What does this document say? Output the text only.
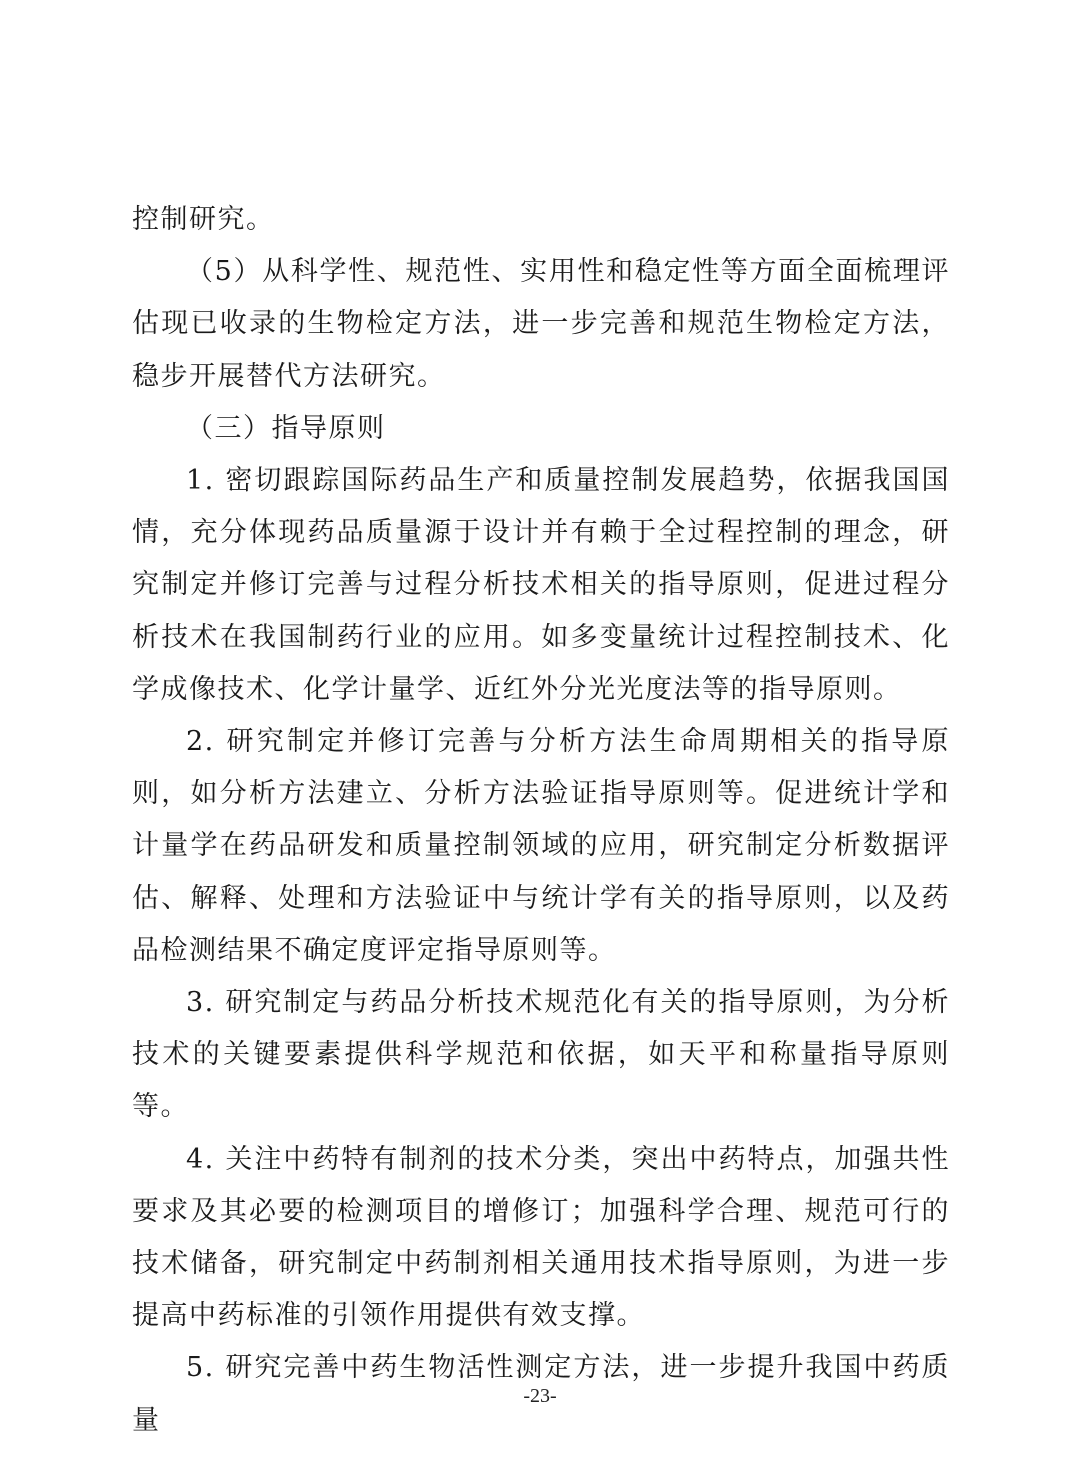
控制研究。

（5）从科学性、规范性、实用性和稳定性等方面全面梳理评估现已收录的生物检定方法，进一步完善和规范生物检定方法，稳步开展替代方法研究。

（三）指导原则

1. 密切跟踪国际药品生产和质量控制发展趋势，依据我国国情，充分体现药品质量源于设计并有赖于全过程控制的理念，研究制定并修订完善与过程分析技术相关的指导原则，促进过程分析技术在我国制药行业的应用。如多变量统计过程控制技术、化学成像技术、化学计量学、近红外分光光度法等的指导原则。

2. 研究制定并修订完善与分析方法生命周期相关的指导原则，如分析方法建立、分析方法验证指导原则等。促进统计学和计量学在药品研发和质量控制领域的应用，研究制定分析数据评估、解释、处理和方法验证中与统计学有关的指导原则，以及药品检测结果不确定度评定指导原则等。

3. 研究制定与药品分析技术规范化有关的指导原则，为分析技术的关键要素提供科学规范和依据，如天平和称量指导原则等。

4. 关注中药特有制剂的技术分类，突出中药特点，加强共性要求及其必要的检测项目的增修订；加强科学合理、规范可行的技术储备，研究制定中药制剂相关通用技术指导原则，为进一步提高中药标准的引领作用提供有效支撑。

5. 研究完善中药生物活性测定方法，进一步提升我国中药质量

-23-
